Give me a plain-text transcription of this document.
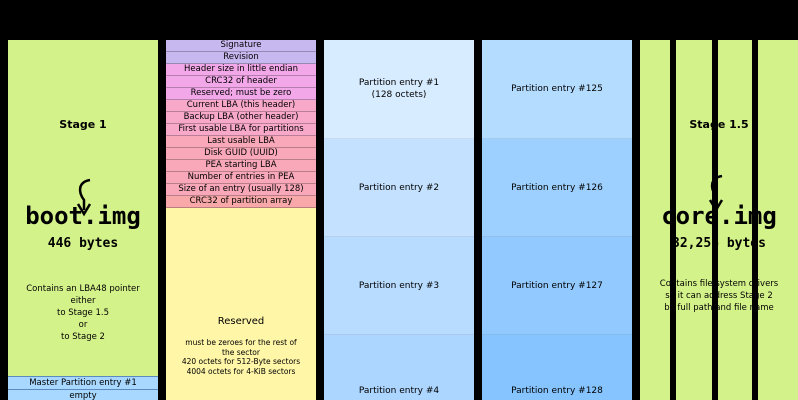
Stage 1
boot.img
446 bytes
Contains an LBA48 pointer
either
to Stage 1.5
or
to Stage 2
Master Partition entry #1
empty
Signature
Revision
Header size in little endian
CRC32 of header
Reserved; must be zero
Current LBA (this header)
Backup LBA (other header)
First usable LBA for partitions
Last usable LBA
Disk GUID (UUID)
PEA starting LBA
Number of entries in PEA
Size of an entry (usually 128)
CRC32 of partition array
Reserved
must be zeroes for the rest of
the sector
420 octets for 512-Byte sectors
4004 octets for 4-KiB sectors
Partition entry #1
(128 octets)
Partition entry #2
Partition entry #3
Partition entry #4
Partition entry #125
Partition entry #126
Partition entry #127
Partition entry #128
Stage 1.5
core.img
32,256 bytes
Contains file system drivers
so it can address Stage 2
by full path and file name
